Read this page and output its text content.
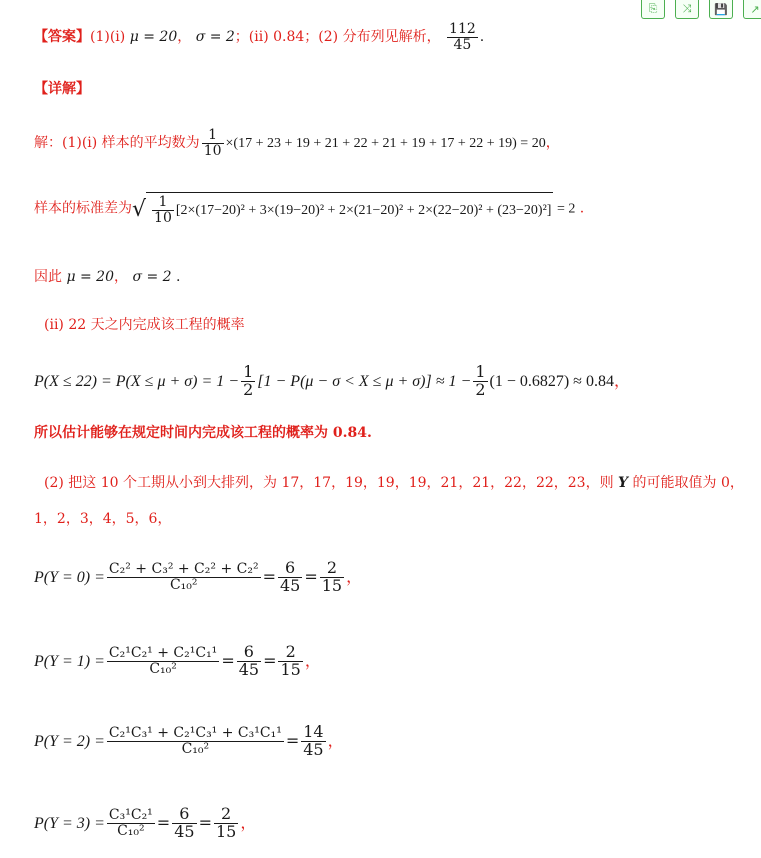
⎘	⤨	💾	↗
【答案】(1)(ⅰ) μ = 20， σ = 2；(ⅱ) 0.84；(2) 分布列见解析， $\frac{112}{45}$ .
【详解】
解：(1)(ⅰ) 样本的平均数为 $\frac{1}{10} \times(17 + 23 + 19 + 21 + 22 + 21 + 19 + 17 + 22 + 19) = 20$，
样本的标准差为√ $\frac{1}{10} [2\times(17-20)^2 + 3\times(19-20)^2 + 2\times(21-20)^2 + 2\times(22-20)^2 + (23-20)^2] = 2$ .
因此 μ = 20， σ = 2 .
(ⅱ) 22 天之内完成该工程的概率
$P(X \le 22) = P(X \le \mu + \sigma) = 1 - \frac{1}{2} [1 - P(\mu - \sigma < X \le \mu + \sigma)] \approx 1 - \frac{1}{2} (1 - 0.6827) \approx 0.84$，
所以估计能够在规定时间内完成该工程的概率为 0.84.
(2) 把这 10 个工期从小到大排列，为 17，17，19，19，19，21，21，22，22，23，则 Y 的可能取值为 0，
1，2，3，4，5，6，
$P(Y = 0) = \frac{\text{C₂² + C₃² + C₂² + C₂²}}{\text{C₁₀²}} = \frac{6}{45} = \frac{2}{15}$ ，
$P(Y = 1) = \frac{\text{C₂¹C₂¹ + C₂¹C₁¹}}{\text{C₁₀²}} = \frac{6}{45} = \frac{2}{15}$ ，
$P(Y = 2) = \frac{\text{C₂¹C₃¹ + C₂¹C₃¹ + C₃¹C₁¹}}{\text{C₁₀²}} = \frac{14}{45}$ ，
$P(Y = 3) = \frac{\text{C₃¹C₂¹}}{\text{C₁₀²}} = \frac{6}{45} = \frac{2}{15}$ ，
